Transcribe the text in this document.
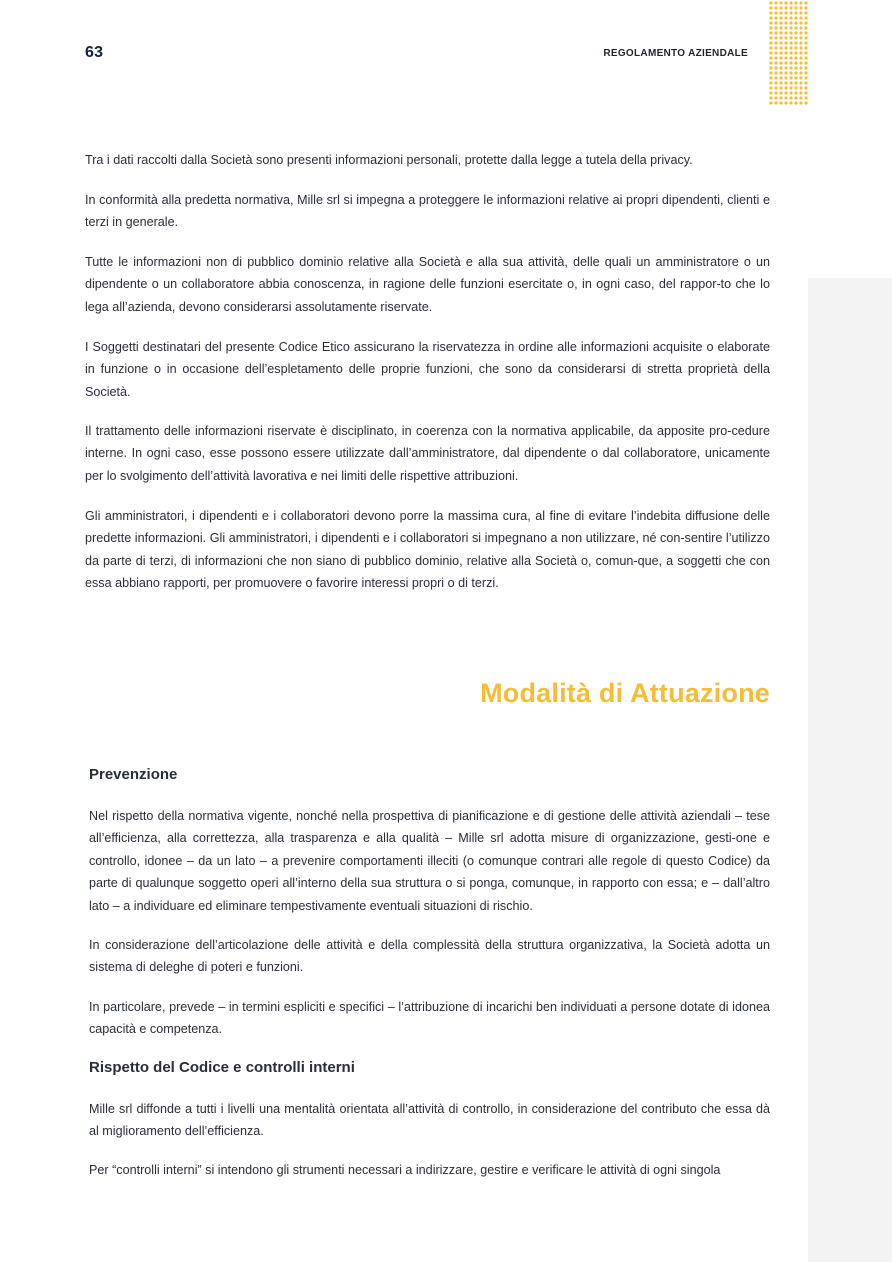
63	REGOLAMENTO AZIENDALE

Tra i dati raccolti dalla Società sono presenti informazioni personali, protette dalla legge a tutela della privacy.

In conformità alla predetta normativa, Mille srl si impegna a proteggere le informazioni relative ai propri dipendenti, clienti e terzi in generale.

Tutte le informazioni non di pubblico dominio relative alla Società e alla sua attività, delle quali un amministratore o un dipendente o un collaboratore abbia conoscenza, in ragione delle funzioni esercitate o, in ogni caso, del rappor-to che lo lega all’azienda, devono considerarsi assolutamente riservate.

I Soggetti destinatari del presente Codice Etico assicurano la riservatezza in ordine alle informazioni acquisite o elaborate in funzione o in occasione dell’espletamento delle proprie funzioni, che sono da considerarsi di stretta proprietà della Società.

Il trattamento delle informazioni riservate è disciplinato, in coerenza con la normativa applicabile, da apposite pro-cedure interne. In ogni caso, esse possono essere utilizzate dall’amministratore, dal dipendente o dal collaboratore, unicamente per lo svolgimento dell’attività lavorativa e nei limiti delle rispettive attribuzioni.

Gli amministratori, i dipendenti e i collaboratori devono porre la massima cura, al fine di evitare l’indebita diffusione delle predette informazioni. Gli amministratori, i dipendenti e i collaboratori si impegnano a non utilizzare, né con-sentire l’utilizzo da parte di terzi, di informazioni che non siano di pubblico dominio, relative alla Società o, comun-que, a soggetti che con essa abbiano rapporti, per promuovere o favorire interessi propri o di terzi.

Modalità di Attuazione
Prevenzione

Nel rispetto della normativa vigente, nonché nella prospettiva di pianificazione e di gestione delle attività aziendali – tese all’efficienza, alla correttezza, alla trasparenza e alla qualità – Mille srl adotta misure di organizzazione, gesti-one e controllo, idonee – da un lato – a prevenire comportamenti illeciti (o comunque contrari alle regole di questo Codice) da parte di qualunque soggetto operi all’interno della sua struttura o si ponga, comunque, in rapporto con essa; e – dall’altro lato – a individuare ed eliminare tempestivamente eventuali situazioni di rischio.

In considerazione dell’articolazione delle attività e della complessità della struttura organizzativa, la Società adotta un sistema di deleghe di poteri e funzioni.

In particolare, prevede – in termini espliciti e specifici – l’attribuzione di incarichi ben individuati a persone dotate di idonea capacità e competenza.

Rispetto del Codice e controlli interni

Mille srl diffonde a tutti i livelli una mentalità orientata all’attività di controllo, in considerazione del contributo che essa dà al miglioramento dell’efficienza.

Per “controlli interni” si intendono gli strumenti necessari a indirizzare, gestire e verificare le attività di ogni singola
